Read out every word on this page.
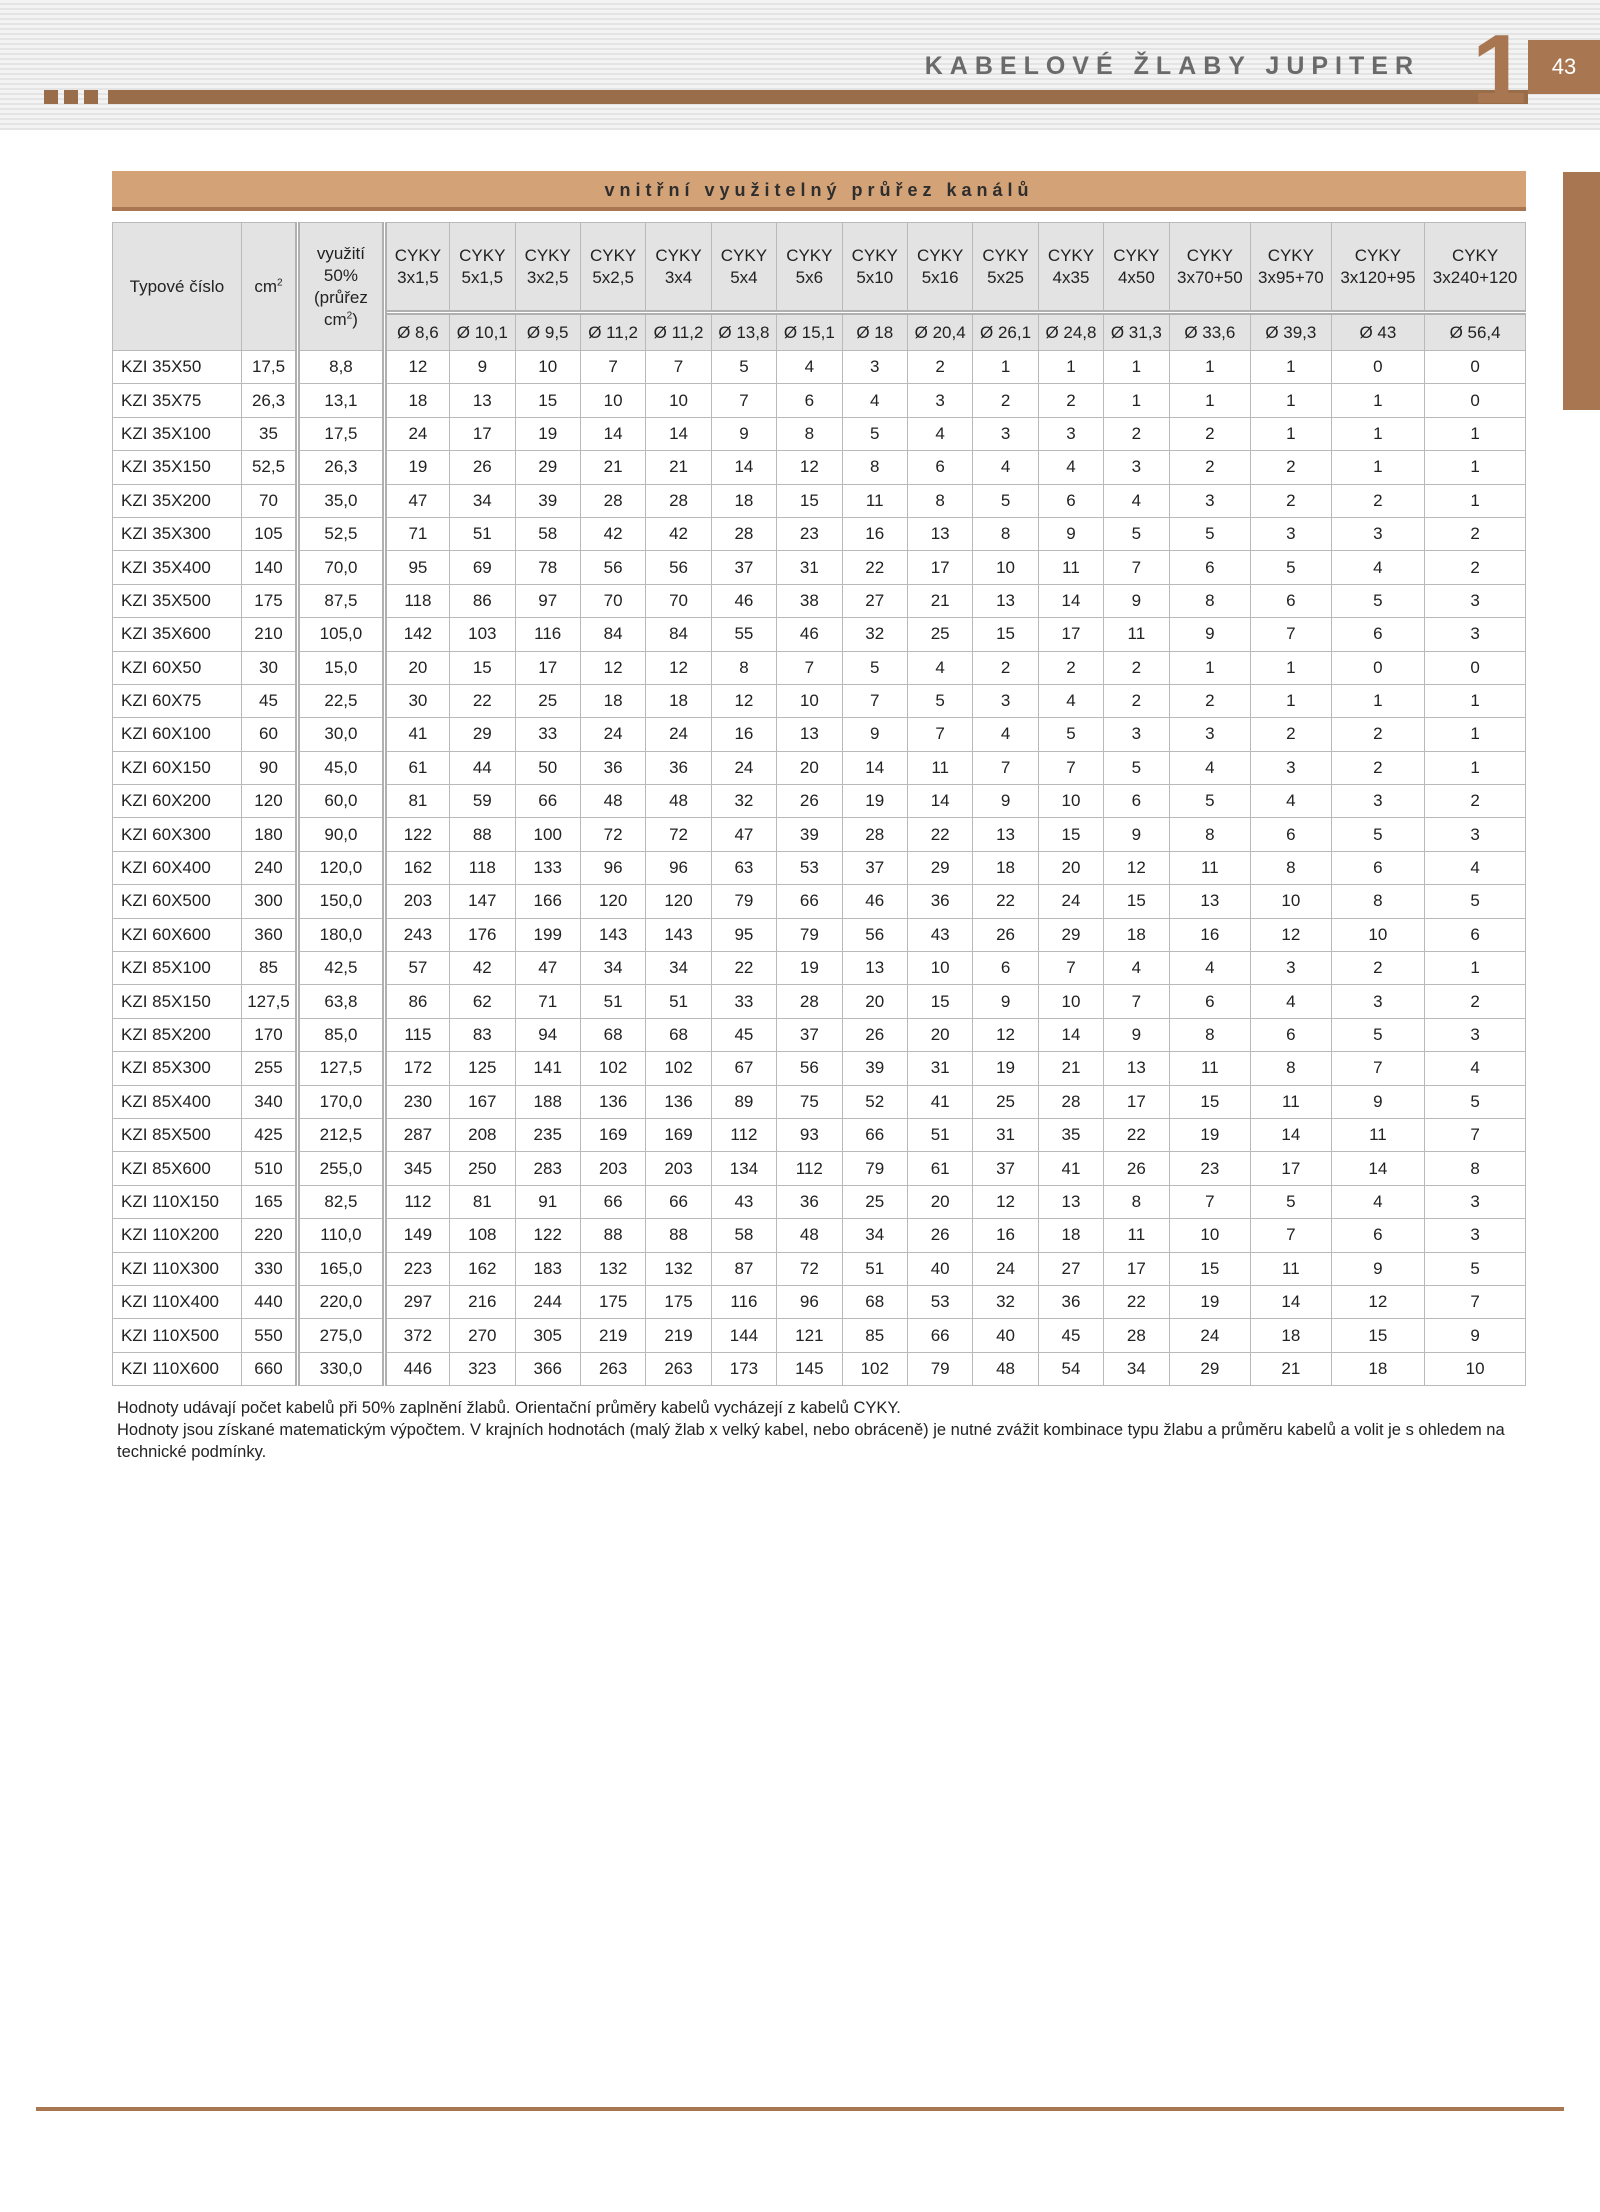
KABELOVÉ ŽLABY JUPITER 1	43
vnitřní využitelný průřez kanálů
Typové číslo	$cm^2$	využití 50% (průřez $cm^2$)	CYKY 3x1,5	CYKY 5x1,5	CYKY 3x2,5	CYKY 5x2,5	CYKY 3x4	CYKY 5x4	CYKY 5x6	CYKY 5x10	CYKY 5x16	CYKY 5x25	CYKY 4x35	CYKY 4x50	CYKY 3x70+50	CYKY 3x95+70	CYKY 3x120+95	CYKY 3x240+120
			Ø 8,6	Ø 10,1	Ø 9,5	Ø 11,2	Ø 11,2	Ø 13,8	Ø 15,1	Ø 18	Ø 20,4	Ø 26,1	Ø 24,8	Ø 31,3	Ø 33,6	Ø 39,3	Ø 43	Ø 56,4
KZI 35X50	17,5	8,8	12	9	10	7	7	5	4	3	2	1	1	1	1	1	0	0
KZI 35X75	26,3	13,1	18	13	15	10	10	7	6	4	3	2	2	1	1	1	1	0
KZI 35X100	35	17,5	24	17	19	14	14	9	8	5	4	3	3	2	2	1	1	1
KZI 35X150	52,5	26,3	19	26	29	21	21	14	12	8	6	4	4	3	2	2	1	1
KZI 35X200	70	35,0	47	34	39	28	28	18	15	11	8	5	6	4	3	2	2	1
KZI 35X300	105	52,5	71	51	58	42	42	28	23	16	13	8	9	5	5	3	3	2
KZI 35X400	140	70,0	95	69	78	56	56	37	31	22	17	10	11	7	6	5	4	2
KZI 35X500	175	87,5	118	86	97	70	70	46	38	27	21	13	14	9	8	6	5	3
KZI 35X600	210	105,0	142	103	116	84	84	55	46	32	25	15	17	11	9	7	6	3
KZI 60X50	30	15,0	20	15	17	12	12	8	7	5	4	2	2	2	1	1	0	0
KZI 60X75	45	22,5	30	22	25	18	18	12	10	7	5	3	4	2	2	1	1	1
KZI 60X100	60	30,0	41	29	33	24	24	16	13	9	7	4	5	3	3	2	2	1
KZI 60X150	90	45,0	61	44	50	36	36	24	20	14	11	7	7	5	4	3	2	1
KZI 60X200	120	60,0	81	59	66	48	48	32	26	19	14	9	10	6	5	4	3	2
KZI 60X300	180	90,0	122	88	100	72	72	47	39	28	22	13	15	9	8	6	5	3
KZI 60X400	240	120,0	162	118	133	96	96	63	53	37	29	18	20	12	11	8	6	4
KZI 60X500	300	150,0	203	147	166	120	120	79	66	46	36	22	24	15	13	10	8	5
KZI 60X600	360	180,0	243	176	199	143	143	95	79	56	43	26	29	18	16	12	10	6
KZI 85X100	85	42,5	57	42	47	34	34	22	19	13	10	6	7	4	4	3	2	1
KZI 85X150	127,5	63,8	86	62	71	51	51	33	28	20	15	9	10	7	6	4	3	2
KZI 85X200	170	85,0	115	83	94	68	68	45	37	26	20	12	14	9	8	6	5	3
KZI 85X300	255	127,5	172	125	141	102	102	67	56	39	31	19	21	13	11	8	7	4
KZI 85X400	340	170,0	230	167	188	136	136	89	75	52	41	25	28	17	15	11	9	5
KZI 85X500	425	212,5	287	208	235	169	169	112	93	66	51	31	35	22	19	14	11	7
KZI 85X600	510	255,0	345	250	283	203	203	134	112	79	61	37	41	26	23	17	14	8
KZI 110X150	165	82,5	112	81	91	66	66	43	36	25	20	12	13	8	7	5	4	3
KZI 110X200	220	110,0	149	108	122	88	88	58	48	34	26	16	18	11	10	7	6	3
KZI 110X300	330	165,0	223	162	183	132	132	87	72	51	40	24	27	17	15	11	9	5
KZI 110X400	440	220,0	297	216	244	175	175	116	96	68	53	32	36	22	19	14	12	7
KZI 110X500	550	275,0	372	270	305	219	219	144	121	85	66	40	45	28	24	18	15	9
KZI 110X600	660	330,0	446	323	366	263	263	173	145	102	79	48	54	34	29	21	18	10
Hodnoty udávají počet kabelů při 50% zaplnění žlabů. Orientační průměry kabelů vycházejí z kabelů CYKY.
Hodnoty jsou získané matematickým výpočtem. V krajních hodnotách (malý žlab x velký kabel, nebo obráceně) je nutné zvážit kombinace typu žlabu a průměru kabelů a volit je s ohledem na technické podmínky.
